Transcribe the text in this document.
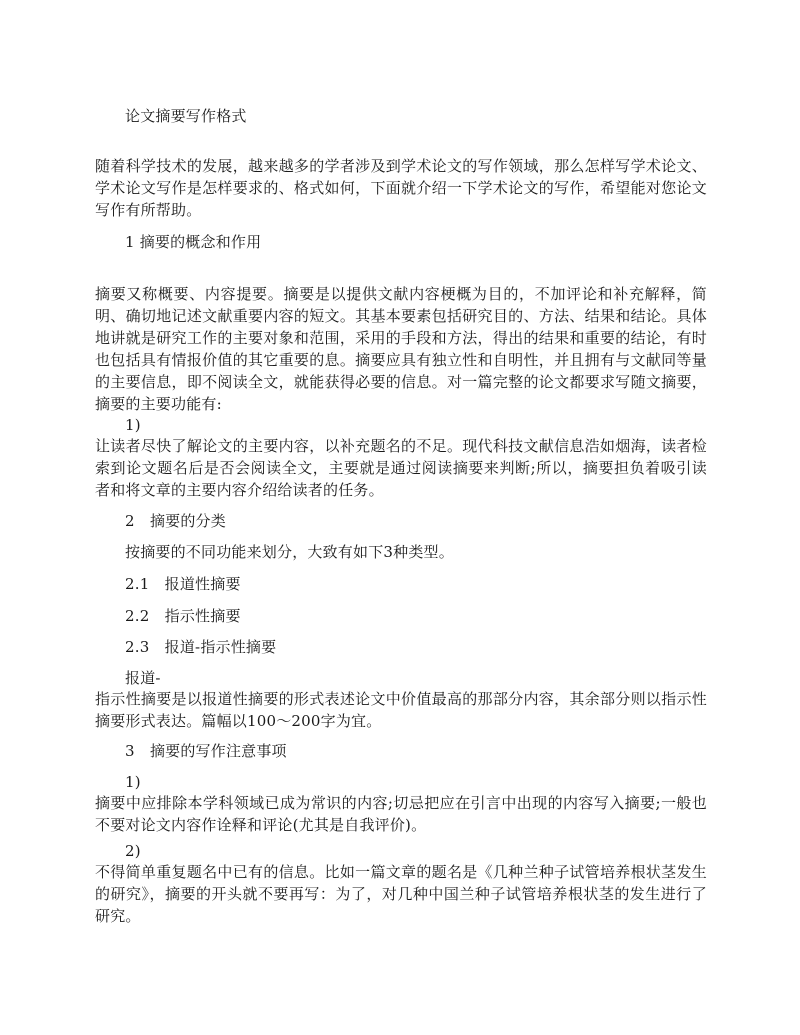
论文摘要写作格式
随着科学技术的发展，越来越多的学者涉及到学术论文的写作领域，那么怎样写学术论文、学术论文写作是怎样要求的、格式如何，下面就介绍一下学术论文的写作，希望能对您论文写作有所帮助。
1 摘要的概念和作用
摘要又称概要、内容提要。摘要是以提供文献内容梗概为目的，不加评论和补充解释，简明、确切地记述文献重要内容的短文。其基本要素包括研究目的、方法、结果和结论。具体地讲就是研究工作的主要对象和范围，采用的手段和方法，得出的结果和重要的结论，有时也包括具有情报价值的其它重要的息。摘要应具有独立性和自明性，并且拥有与文献同等量的主要信息，即不阅读全文，就能获得必要的信息。对一篇完整的论文都要求写随文摘要，摘要的主要功能有:
1)
让读者尽快了解论文的主要内容，以补充题名的不足。现代科技文献信息浩如烟海，读者检索到论文题名后是否会阅读全文，主要就是通过阅读摘要来判断;所以，摘要担负着吸引读者和将文章的主要内容介绍给读者的任务。
2　摘要的分类
按摘要的不同功能来划分，大致有如下3种类型。
2.1　报道性摘要
2.2　指示性摘要
2.3　报道-指示性摘要
报道-
指示性摘要是以报道性摘要的形式表述论文中价值最高的那部分内容，其余部分则以指示性摘要形式表达。篇幅以100～200字为宜。
3　摘要的写作注意事项
1)
摘要中应排除本学科领域已成为常识的内容;切忌把应在引言中出现的内容写入摘要;一般也不要对论文内容作诠释和评论(尤其是自我评价)。
2)
不得简单重复题名中已有的信息。比如一篇文章的题名是《几种兰种子试管培养根状茎发生的研究》，摘要的开头就不要再写：为了，对几种中国兰种子试管培养根状茎的发生进行了研究。
